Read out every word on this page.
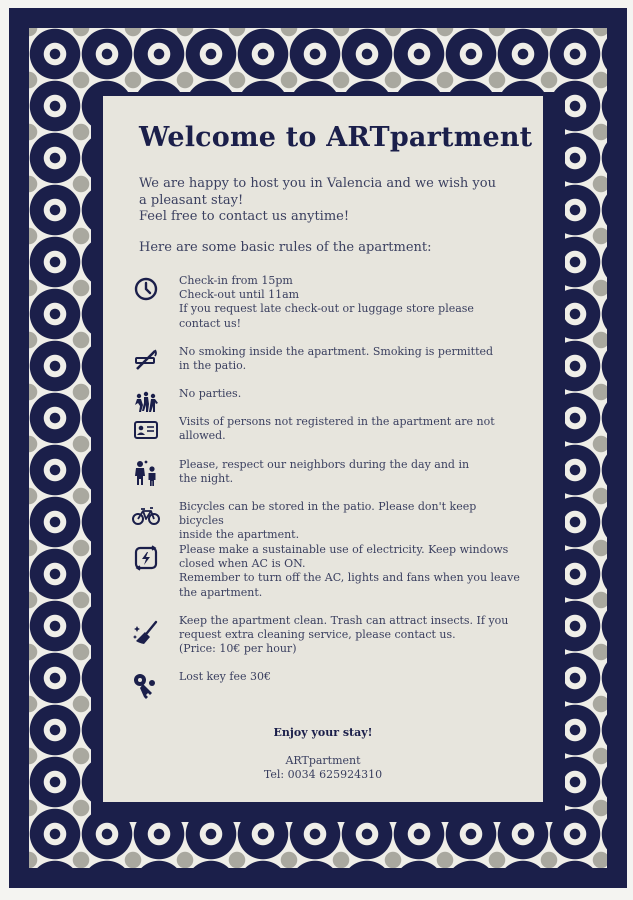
Welcome to ARTpartment

We are happy to host you in Valencia and we wish you

a pleasant stay!

Feel free to contact us anytime!

Here are some basic rules of the apartment:

Check-in from 15pm

Check-out until 11am

If you request late check-out or luggage store please

contact us!

No smoking inside the apartment. Smoking is permitted

in the patio.

No parties.

Visits of persons not registered in the apartment are not

allowed.

Please, respect our neighbors during the day and in

the night.

Bicycles can be stored in the patio. Please don't keep bicycles

inside the apartment.

Please make a sustainable use of electricity. Keep windows

closed when AC is ON.

Remember to turn off the AC, lights and fans when you leave

the apartment.

Keep the apartment clean. Trash can attract insects. If you

request extra cleaning service, please contact us.

(Price: 10€ per hour)

Lost key fee 30€

Enjoy your stay!

ARTpartment

Tel: 0034 625924310
